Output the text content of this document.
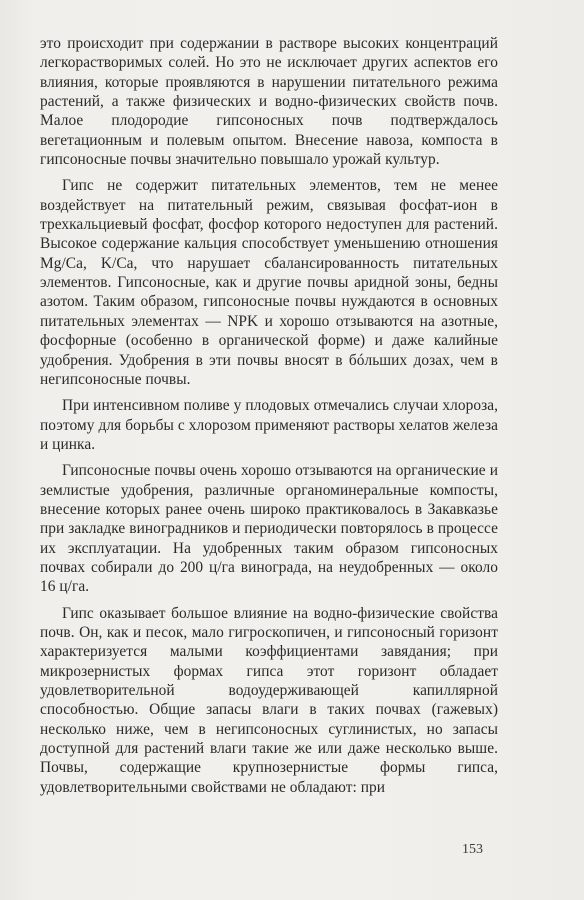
это происходит при содержании в растворе высоких концентраций легкорастворимых солей. Но это не исключает других аспектов его влияния, которые проявляются в нарушении питательного режима растений, а также физических и водно-физических свойств почв. Малое плодородие гипсоносных почв подтверждалось вегетационным и полевым опытом. Внесение навоза, компоста в гипсоносные почвы значительно повышало урожай культур.

Гипс не содержит питательных элементов, тем не менее воздействует на питательный режим, связывая фосфат-ион в трехкальциевый фосфат, фосфор которого недоступен для растений. Высокое содержание кальция способствует уменьшению отношения Mg/Ca, K/Ca, что нарушает сбалансированность питательных элементов. Гипсоносные, как и другие почвы аридной зоны, бедны азотом. Таким образом, гипсоносные почвы нуждаются в основных питательных элементах — NPK и хорошо отзываются на азотные, фосфорные (особенно в органической форме) и даже калийные удобрения. Удобрения в эти почвы вносят в бóльших дозах, чем в негипсоносные почвы.

При интенсивном поливе у плодовых отмечались случаи хлороза, поэтому для борьбы с хлорозом применяют растворы хелатов железа и цинка.

Гипсоносные почвы очень хорошо отзываются на органические и землистые удобрения, различные органоминеральные компосты, внесение которых ранее очень широко практиковалось в Закавказье при закладке виноградников и периодически повторялось в процессе их эксплуатации. На удобренных таким образом гипсоносных почвах собирали до 200 ц/га винограда, на неудобренных — около 16 ц/га.

Гипс оказывает большое влияние на водно-физические свойства почв. Он, как и песок, мало гигроскопичен, и гипсоносный горизонт характеризуется малыми коэффициентами завядания; при микрозернистых формах гипса этот горизонт обладает удовлетворительной водоудерживающей капиллярной способностью. Общие запасы влаги в таких почвах (гажевых) несколько ниже, чем в негипсоносных суглинистых, но запасы доступной для растений влаги такие же или даже несколько выше. Почвы, содержащие крупнозернистые формы гипса, удовлетворительными свойствами не обладают: при

153
